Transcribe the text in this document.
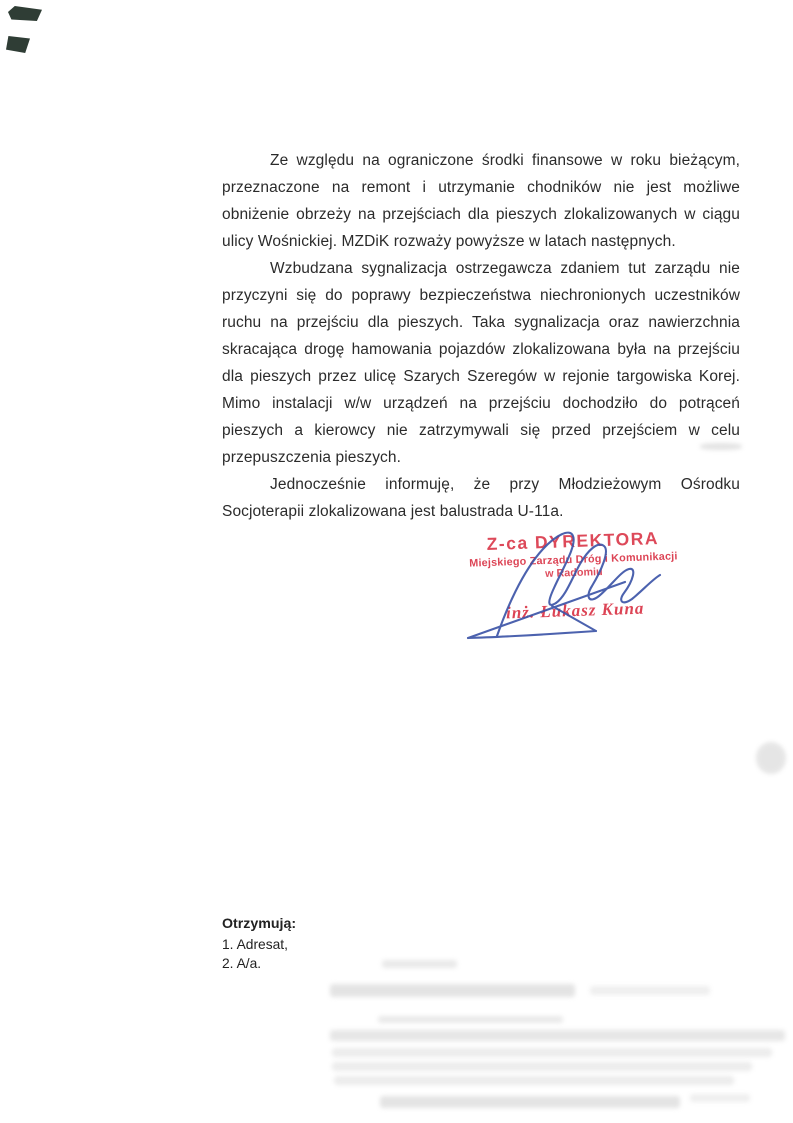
Ze względu na ograniczone środki finansowe w roku bieżącym, przeznaczone na remont i utrzymanie chodników nie jest możliwe obniżenie obrzeży na przejściach dla pieszych zlokalizowanych w ciągu ulicy Wośnickiej. MZDiK rozważy powyższe w latach następnych.

Wzbudzana sygnalizacja ostrzegawcza zdaniem tut zarządu nie przyczyni się do poprawy bezpieczeństwa niechronionych uczestników ruchu na przejściu dla pieszych. Taka sygnalizacja oraz nawierzchnia skracająca drogę hamowania pojazdów zlokalizowana była na przejściu dla pieszych przez ulicę Szarych Szeregów w rejonie targowiska Korej. Mimo instalacji w/w urządzeń na przejściu dochodziło do potrąceń pieszych a kierowcy nie zatrzymywali się przed przejściem w celu przepuszczenia pieszych.

Jednocześnie informuję, że przy Młodzieżowym Ośrodku Socjoterapii zlokalizowana jest balustrada U-11a.

Z-ca DYREKTORA
Miejskiego Zarządu Dróg i Komunikacji
w Radomiu
inż. Łukasz Kuna
Otrzymują:
1. Adresat,
2. A/a.
